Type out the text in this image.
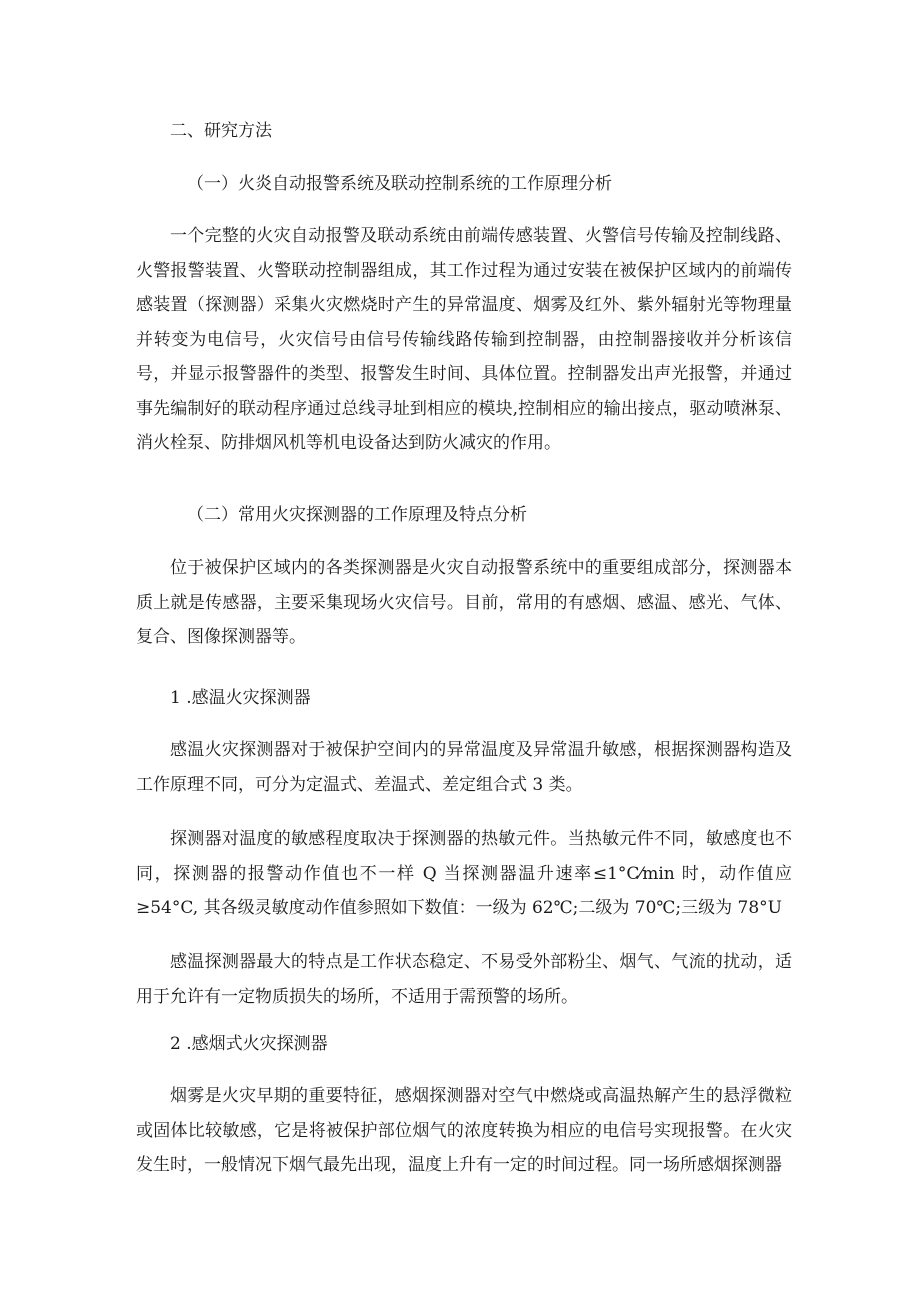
二、研究方法
（一）火炎自动报警系统及联动控制系统的工作原理分析
一个完整的火灾自动报警及联动系统由前端传感装置、火警信号传输及控制线路、火警报警装置、火警联动控制器组成，其工作过程为通过安装在被保护区域内的前端传感装置（探测器）采集火灾燃烧时产生的异常温度、烟雾及红外、紫外辐射光等物理量并转变为电信号，火灾信号由信号传输线路传输到控制器，由控制器接收并分析该信号，并显示报警器件的类型、报警发生时间、具体位置。控制器发出声光报警，并通过事先编制好的联动程序通过总线寻址到相应的模块,控制相应的输出接点，驱动喷淋泵、消火栓泵、防排烟风机等机电设备达到防火减灾的作用。
（二）常用火灾探测器的工作原理及特点分析
位于被保护区域内的各类探测器是火灾自动报警系统中的重要组成部分，探测器本质上就是传感器，主要采集现场火灾信号。目前，常用的有感烟、感温、感光、气体、复合、图像探测器等。
1 .感温火灾探测器
感温火灾探测器对于被保护空间内的异常温度及异常温升敏感，根据探测器构造及工作原理不同，可分为定温式、差温式、差定组合式 3 类。
探测器对温度的敏感程度取决于探测器的热敏元件。当热敏元件不同，敏感度也不同，探测器的报警动作值也不一样 Q 当探测器温升速率≤1°C⁄min 时，动作值应≥54°C, 其各级灵敏度动作值参照如下数值：一级为 62℃;二级为 70℃;三级为 78°U
感温探测器最大的特点是工作状态稳定、不易受外部粉尘、烟气、气流的扰动，适用于允许有一定物质损失的场所，不适用于需预警的场所。
2 .感烟式火灾探测器
烟雾是火灾早期的重要特征，感烟探测器对空气中燃烧或高温热解产生的悬浮微粒或固体比较敏感，它是将被保护部位烟气的浓度转换为相应的电信号实现报警。在火灾发生时，一般情况下烟气最先出现，温度上升有一定的时间过程。同一场所感烟探测器
